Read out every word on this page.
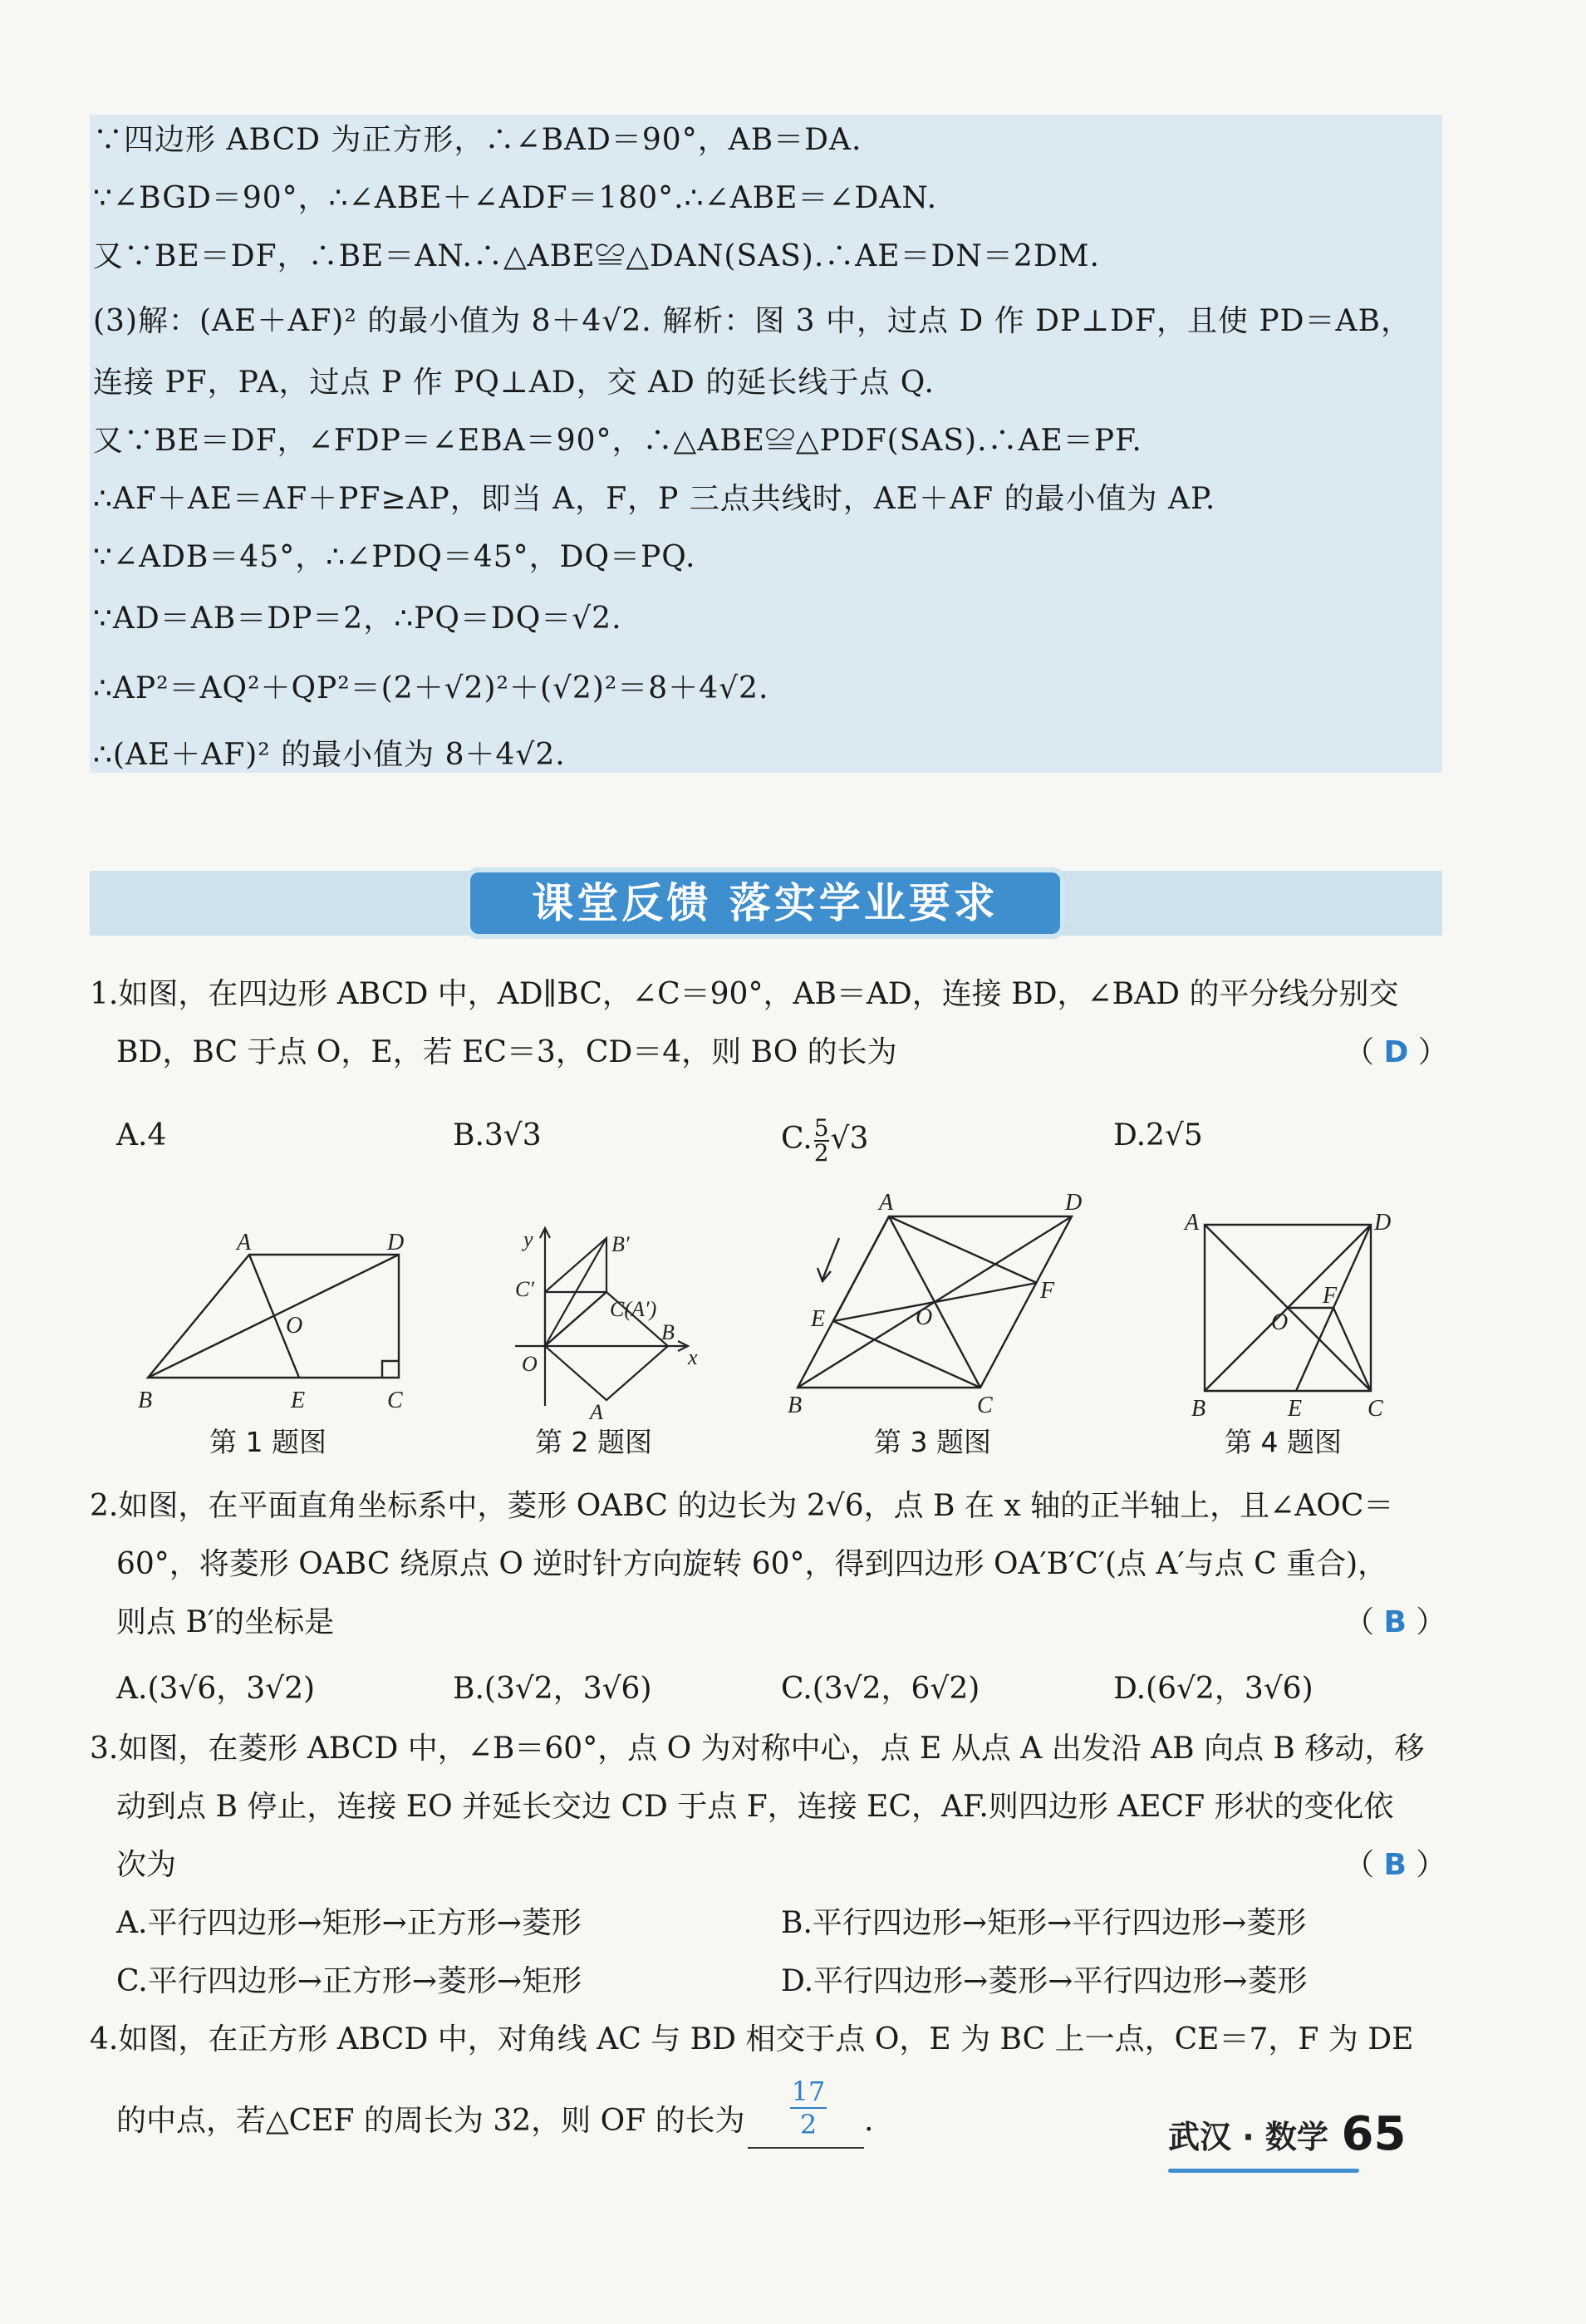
∵四边形 ABCD 为正方形，∴∠BAD＝90°，AB＝DA.
∵∠BGD＝90°，∴∠ABE＋∠ADF＝180°.∴∠ABE＝∠DAN.
又∵BE＝DF，∴BE＝AN.∴△ABE≌△DAN(SAS).∴AE＝DN＝2DM.
(3)解：(AE＋AF)² 的最小值为 8＋4√2. 解析：图 3 中，过点 D 作 DP⊥DF，且使 PD＝AB，
连接 PF，PA，过点 P 作 PQ⊥AD，交 AD 的延长线于点 Q.
又∵BE＝DF，∠FDP＝∠EBA＝90°，∴△ABE≌△PDF(SAS).∴AE＝PF.
∴AF＋AE＝AF＋PF≥AP，即当 A，F，P 三点共线时，AE＋AF 的最小值为 AP.
∵∠ADB＝45°，∴∠PDQ＝45°，DQ＝PQ.
∵AD＝AB＝DP＝2，∴PQ＝DQ＝√2.
∴AP²＝AQ²＋QP²＝(2＋√2)²＋(√2)²＝8＋4√2.
∴(AE＋AF)² 的最小值为 8＋4√2.
课堂反馈 落实学业要求
1.如图，在四边形 ABCD 中，AD∥BC，∠C＝90°，AB＝AD，连接 BD，∠BAD 的平分线分别交
BD，BC 于点 O，E，若 EC＝3，CD＝4，则 BO 的长为	（ D ）
A.4	B.3√3	C. $\frac{5}{2} √3$	D.2√5
A	D
O
B	E	C
第 1 题图
y	B′
C′
C(A′)
O
A
B
x
第 2 题图
A	D
F
O
E
B	C
第 3 题图
A	D
F
O
B	E	C
第 4 题图
2.如图，在平面直角坐标系中，菱形 OABC 的边长为 2√6，点 B 在 x 轴的正半轴上，且∠AOC＝
60°，将菱形 OABC 绕原点 O 逆时针方向旋转 60°，得到四边形 OA′B′C′(点 A′与点 C 重合)，
则点 B′的坐标是	（ B ）
A.(3√6，3√2)	B.(3√2，3√6)	C.(3√2，6√2)	D.(6√2，3√6)
3.如图，在菱形 ABCD 中，∠B＝60°，点 O 为对称中心，点 E 从点 A 出发沿 AB 向点 B 移动，移
动到点 B 停止，连接 EO 并延长交边 CD 于点 F，连接 EC，AF.则四边形 AECF 形状的变化依
次为	（ B ）
A.平行四边形→矩形→正方形→菱形	B.平行四边形→矩形→平行四边形→菱形
C.平行四边形→正方形→菱形→矩形	D.平行四边形→菱形→平行四边形→菱形
4.如图，在正方形 ABCD 中，对角线 AC 与 BD 相交于点 O，E 为 BC 上一点，CE＝7，F 为 DE
的中点，若△CEF 的周长为 32，则 OF 的长为 $\frac{17}{2}$ .	武汉 · 数学 65
